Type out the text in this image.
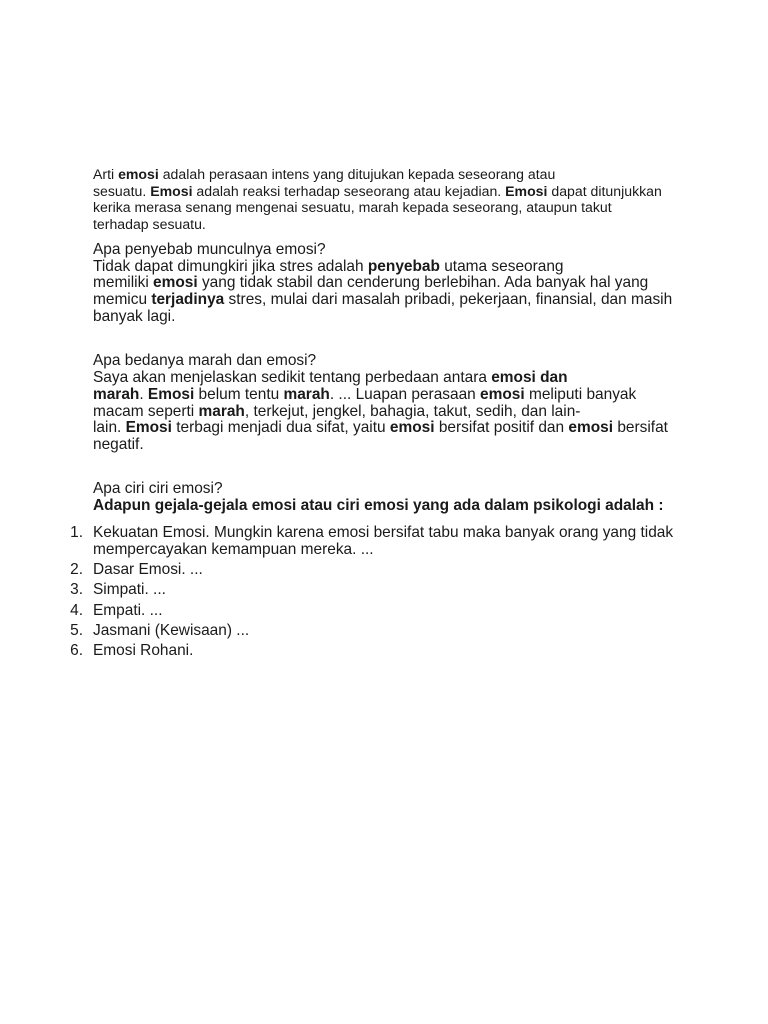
Arti emosi adalah perasaan intens yang ditujukan kepada seseorang atau
sesuatu. Emosi adalah reaksi terhadap seseorang atau kejadian. Emosi dapat ditunjukkan
kerika merasa senang mengenai sesuatu, marah kepada seseorang, ataupun takut
terhadap sesuatu.
Apa penyebab munculnya emosi?
Tidak dapat dimungkiri jika stres adalah penyebab utama seseorang
memiliki emosi yang tidak stabil dan cenderung berlebihan. Ada banyak hal yang
memicu terjadinya stres, mulai dari masalah pribadi, pekerjaan, finansial, dan masih
banyak lagi.
Apa bedanya marah dan emosi?
Saya akan menjelaskan sedikit tentang perbedaan antara emosi dan
marah. Emosi belum tentu marah. ... Luapan perasaan emosi meliputi banyak
macam seperti marah, terkejut, jengkel, bahagia, takut, sedih, dan lain-
lain. Emosi terbagi menjadi dua sifat, yaitu emosi bersifat positif dan emosi bersifat
negatif.
Apa ciri ciri emosi?
Adapun gejala-gejala emosi atau ciri emosi yang ada dalam psikologi adalah :
1. Kekuatan Emosi. Mungkin karena emosi bersifat tabu maka banyak orang yang tidak
mempercayakan kemampuan mereka. ...
2. Dasar Emosi. ...
3. Simpati. ...
4. Empati. ...
5. Jasmani (Kewisaan) ...
6. Emosi Rohani.
